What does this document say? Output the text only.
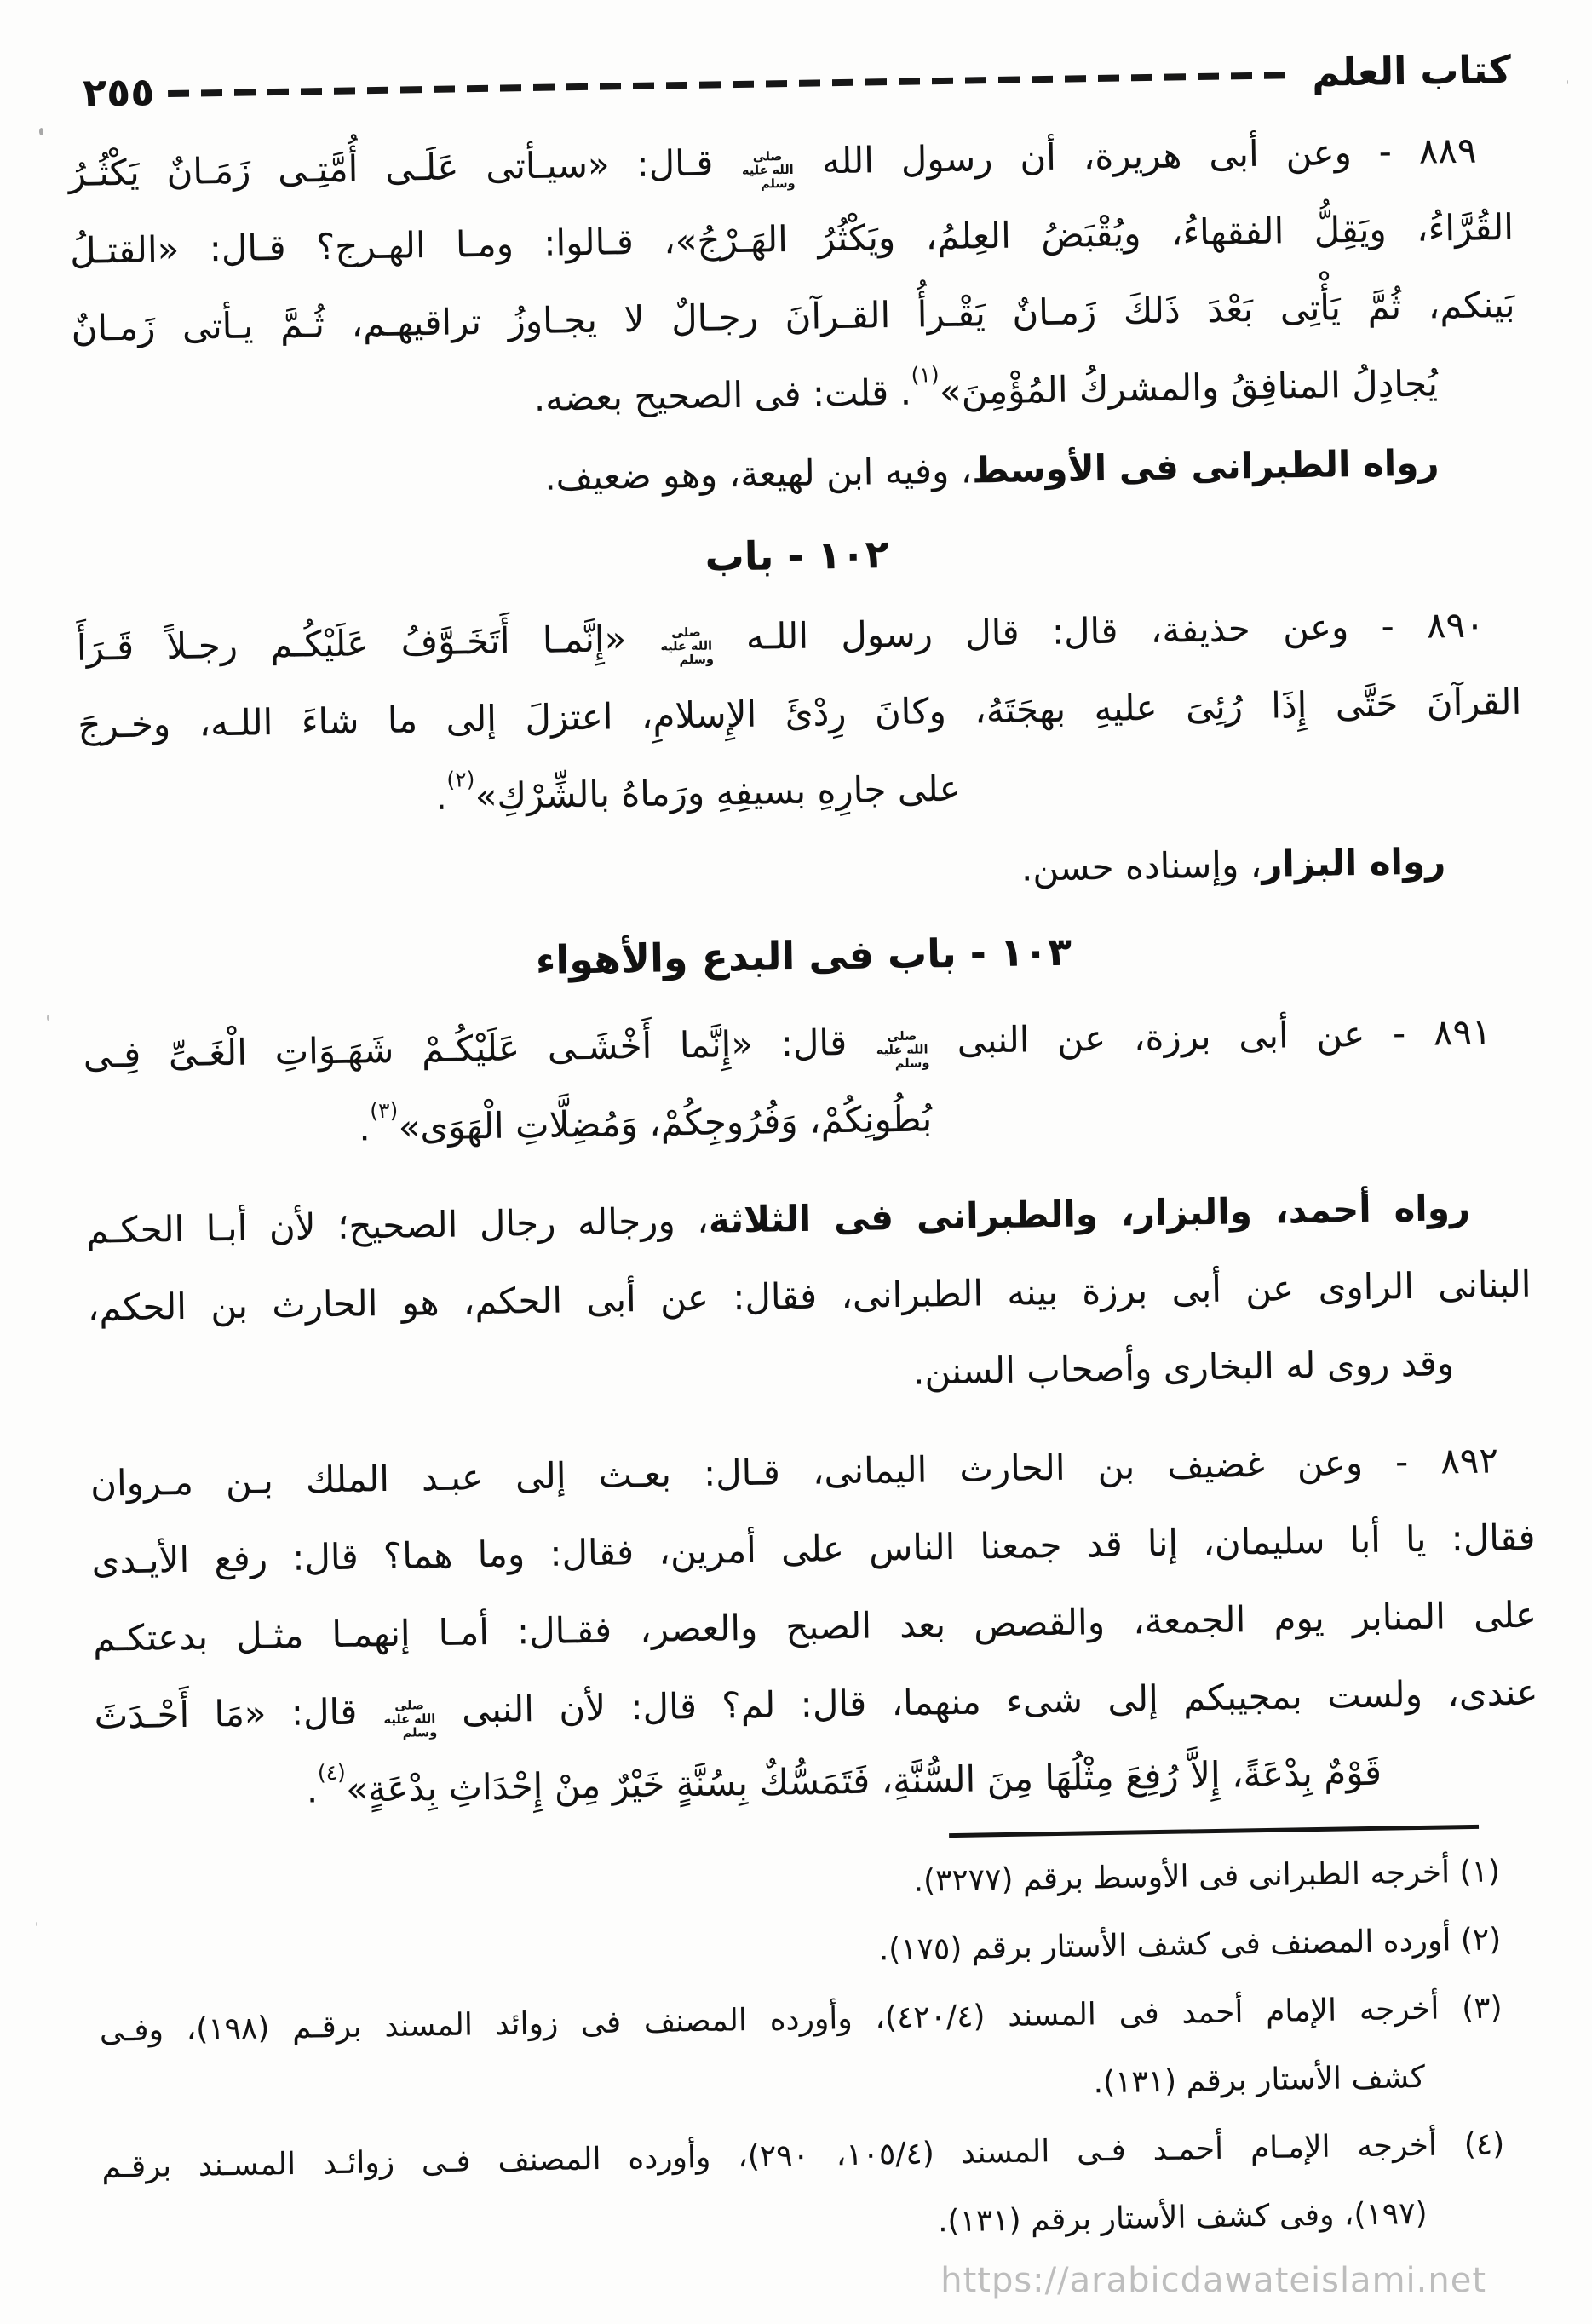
٢٥٥	كتاب العلم
٨٨٩ - وعن أبى هريرة، أن رسول الله صلى الله عليه وسلم قـال: «سيـأتى عَلَـى أُمَّتِـى زَمَـانٌ يَكْثُـرُ
القُرَّاءُ، ويَقِلُّ الفقهاءُ، ويُقْبَضُ العِلمُ، ويَكْثُرُ الهَـرْجُ»، قـالوا: ومـا الهـرج؟ قـال: «القتـلُ
بَينكم، ثُمَّ يَأْتِى بَعْدَ ذَلكَ زَمـانٌ يَقْـرأُ القـرآنَ رجـالٌ لا يجـاوزُ تراقيهـم، ثُـمَّ يـأتى زَمـانٌ
يُجادِلُ المنافِقُ والمشركُ المُؤْمِنَ»$^{(١)}$. قلت: فى الصحيح بعضه.
رواه الطبرانى فى الأوسط، وفيه ابن لهيعة، وهو ضعيف.
١٠٢ - باب
٨٩٠ - وعن حذيفة، قال: قال رسول اللـه صلى الله عليه وسلم «إِنَّمـا أَتَخَـوَّفُ عَلَيْكُـم رجـلاً قَـرَأَ
القرآنَ حَتَّى إِذَا رُئِىَ عليهِ بهجَتَهُ، وكانَ رِدْئَ الإِسلامِ، اعتزلَ إلى ما شاءَ اللـه، وخـرجَ
على جارِهِ بسيفِهِ ورَماهُ بالشِّرْكِ»$^{(٢)}$.
رواه البزار، وإسناده حسن.
١٠٣ - باب فى البدع والأهواء
٨٩١ - عن أبى برزة، عن النبى صلى الله عليه وسلم قال: «إِنَّما أَخْشَـى عَلَيْكُـمْ شَهَـوَاتِ الْغَـىِّ فِـى
بُطُونِكُمْ، وَفُرُوجِكُمْ، وَمُضِلَّاتِ الْهَوَى»$^{(٣)}$.
رواه أحمد، والبزار، والطبرانى فى الثلاثة، ورجاله رجال الصحيح؛ لأن أبـا الحكـم
البنانى الراوى عن أبى برزة بينه الطبرانى، فقال: عن أبى الحكم، هو الحارث بن الحكم،
وقد روى له البخارى وأصحاب السنن.
٨٩٢ - وعن غضيف بن الحارث اليمانى، قـال: بعـث إلى عبـد الملك بـن مـروان
فقال: يا أبا سليمان، إنا قد جمعنا الناس على أمرين، فقال: وما هما؟ قال: رفع الأيـدى
على المنابر يوم الجمعة، والقصص بعد الصبح والعصر، فقـال: أمـا إنهمـا مثـل بدعتكـم
عندى، ولست بمجيبكم إلى شىء منهما، قال: لم؟ قال: لأن النبى صلى الله عليه وسلم قال: «مَا أَحْـدَثَ
قَوْمٌ بِدْعَةً، إِلاَّ رُفِعَ مِثْلُهَا مِنَ السُّنَّةِ، فَتَمَسُّكٌ بِسُنَّةٍ خَيْرٌ مِنْ إِحْدَاثِ بِدْعَةٍ»$^{(٤)}$.
(١) أخرجه الطبرانى فى الأوسط برقم (٣٢٧٧).
(٢) أورده المصنف فى كشف الأستار برقم (١٧٥).
(٣) أخرجه الإمام أحمد فى المسند (٤٢٠/٤)، وأورده المصنف فى زوائد المسند برقـم (١٩٨)، وفـى
كشف الأستار برقم (١٣١).
(٤) أخرجه الإمـام أحمـد فـى المسند (١٠٥/٤، ٢٩٠)، وأورده المصنف فـى زوائـد المسـند برقـم
(١٩٧)، وفى كشف الأستار برقم (١٣١).
https://arabicdawateislami.net
